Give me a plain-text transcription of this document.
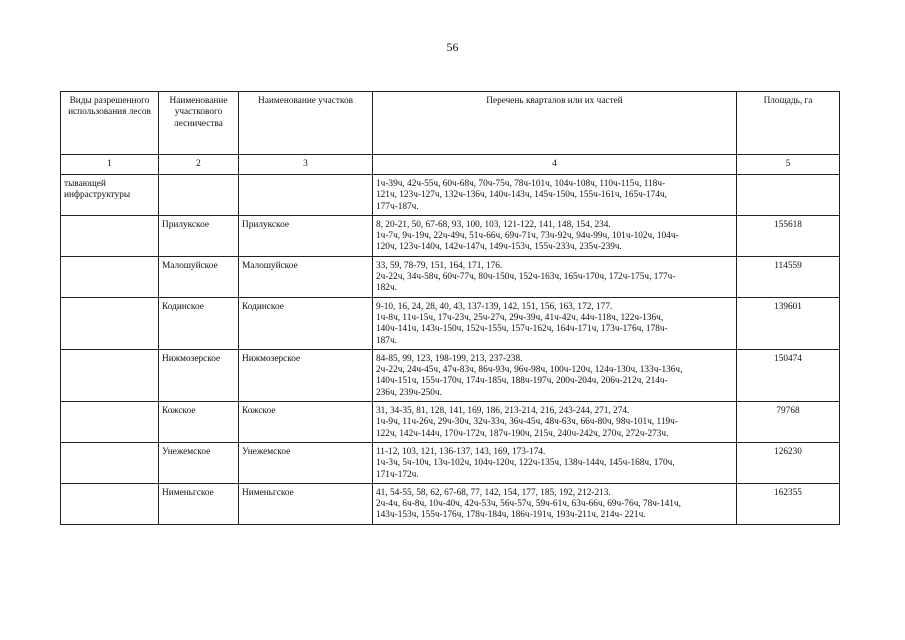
56
Виды разрешенного использования лесов	Наименование участкового лесничества	Наименование участков	Перечень кварталов или их частей	Площадь, га
1	2	3	4	5
тывающей инфраструктуры			1ч-39ч, 42ч-55ч, 60ч-68ч, 70ч-75ч, 78ч-101ч, 104ч-108ч, 110ч-115ч, 118ч-
121ч, 123ч-127ч, 132ч-136ч, 140ч-143ч, 145ч-150ч, 155ч-161ч, 165ч-174ч,
177ч-187ч.	

	Прилукское	Прилукское	8, 20-21, 50, 67-68, 93, 100, 103, 121-122, 141, 148, 154, 234.
1ч-7ч, 9ч-19ч, 22ч-49ч, 51ч-66ч, 69ч-71ч, 73ч-92ч, 94ч-99ч, 101ч-102ч, 104ч-
120ч, 123ч-140ч, 142ч-147ч, 149ч-153ч, 155ч-233ч, 235ч-239ч.	155618
	Малошуйское	Малошуйское	33, 59, 78-79, 151, 164, 171, 176.
2ч-22ч, 34ч-58ч, 60ч-77ч, 80ч-150ч, 152ч-163ч, 165ч-170ч, 172ч-175ч, 177ч-
182ч.	114559
	Кодинское	Кодинское	9-10, 16, 24, 28, 40, 43, 137-139, 142, 151, 156, 163, 172, 177.
1ч-8ч, 11ч-15ч, 17ч-23ч, 25ч-27ч, 29ч-39ч, 41ч-42ч, 44ч-118ч, 122ч-136ч,
140ч-141ч, 143ч-150ч, 152ч-155ч, 157ч-162ч, 164ч-171ч, 173ч-176ч, 178ч-
187ч.	139601
	Нижмозерское	Нижмозерское	84-85, 99, 123, 198-199, 213, 237-238.
2ч-22ч, 24ч-45ч, 47ч-83ч, 86ч-93ч, 96ч-98ч, 100ч-120ч, 124ч-130ч, 133ч-136ч,
140ч-151ч, 155ч-170ч, 174ч-185ч, 188ч-197ч, 200ч-204ч, 206ч-212ч, 214ч-
236ч, 239ч-250ч.	150474
	Кожское	Кожское	31, 34-35, 81, 128, 141, 169, 186, 213-214, 216, 243-244, 271, 274.
1ч-9ч, 11ч-26ч, 29ч-30ч, 32ч-33ч, 36ч-45ч, 48ч-63ч, 66ч-80ч, 98ч-101ч, 119ч-
122ч, 142ч-144ч, 170ч-172ч, 187ч-190ч, 215ч, 240ч-242ч, 270ч, 272ч-273ч.	79768
	Унежемское	Унежемское	11-12, 103, 121, 136-137, 143, 169, 173-174.
1ч-3ч, 5ч-10ч, 13ч-102ч, 104ч-120ч, 122ч-135ч, 138ч-144ч, 145ч-168ч, 170ч,
171ч-172ч.	126230
	Нименьгское	Нименьгское	41, 54-55, 58, 62, 67-68, 77, 142, 154, 177, 185, 192, 212-213.
2ч-4ч, 6ч-8ч, 10ч-40ч, 42ч-53ч, 56ч-57ч, 59ч-61ч, 63ч-66ч, 69ч-76ч, 78ч-141ч,
143ч-153ч, 155ч-176ч, 178ч-184ч, 186ч-191ч, 193ч-211ч, 214ч- 221ч.	162355
